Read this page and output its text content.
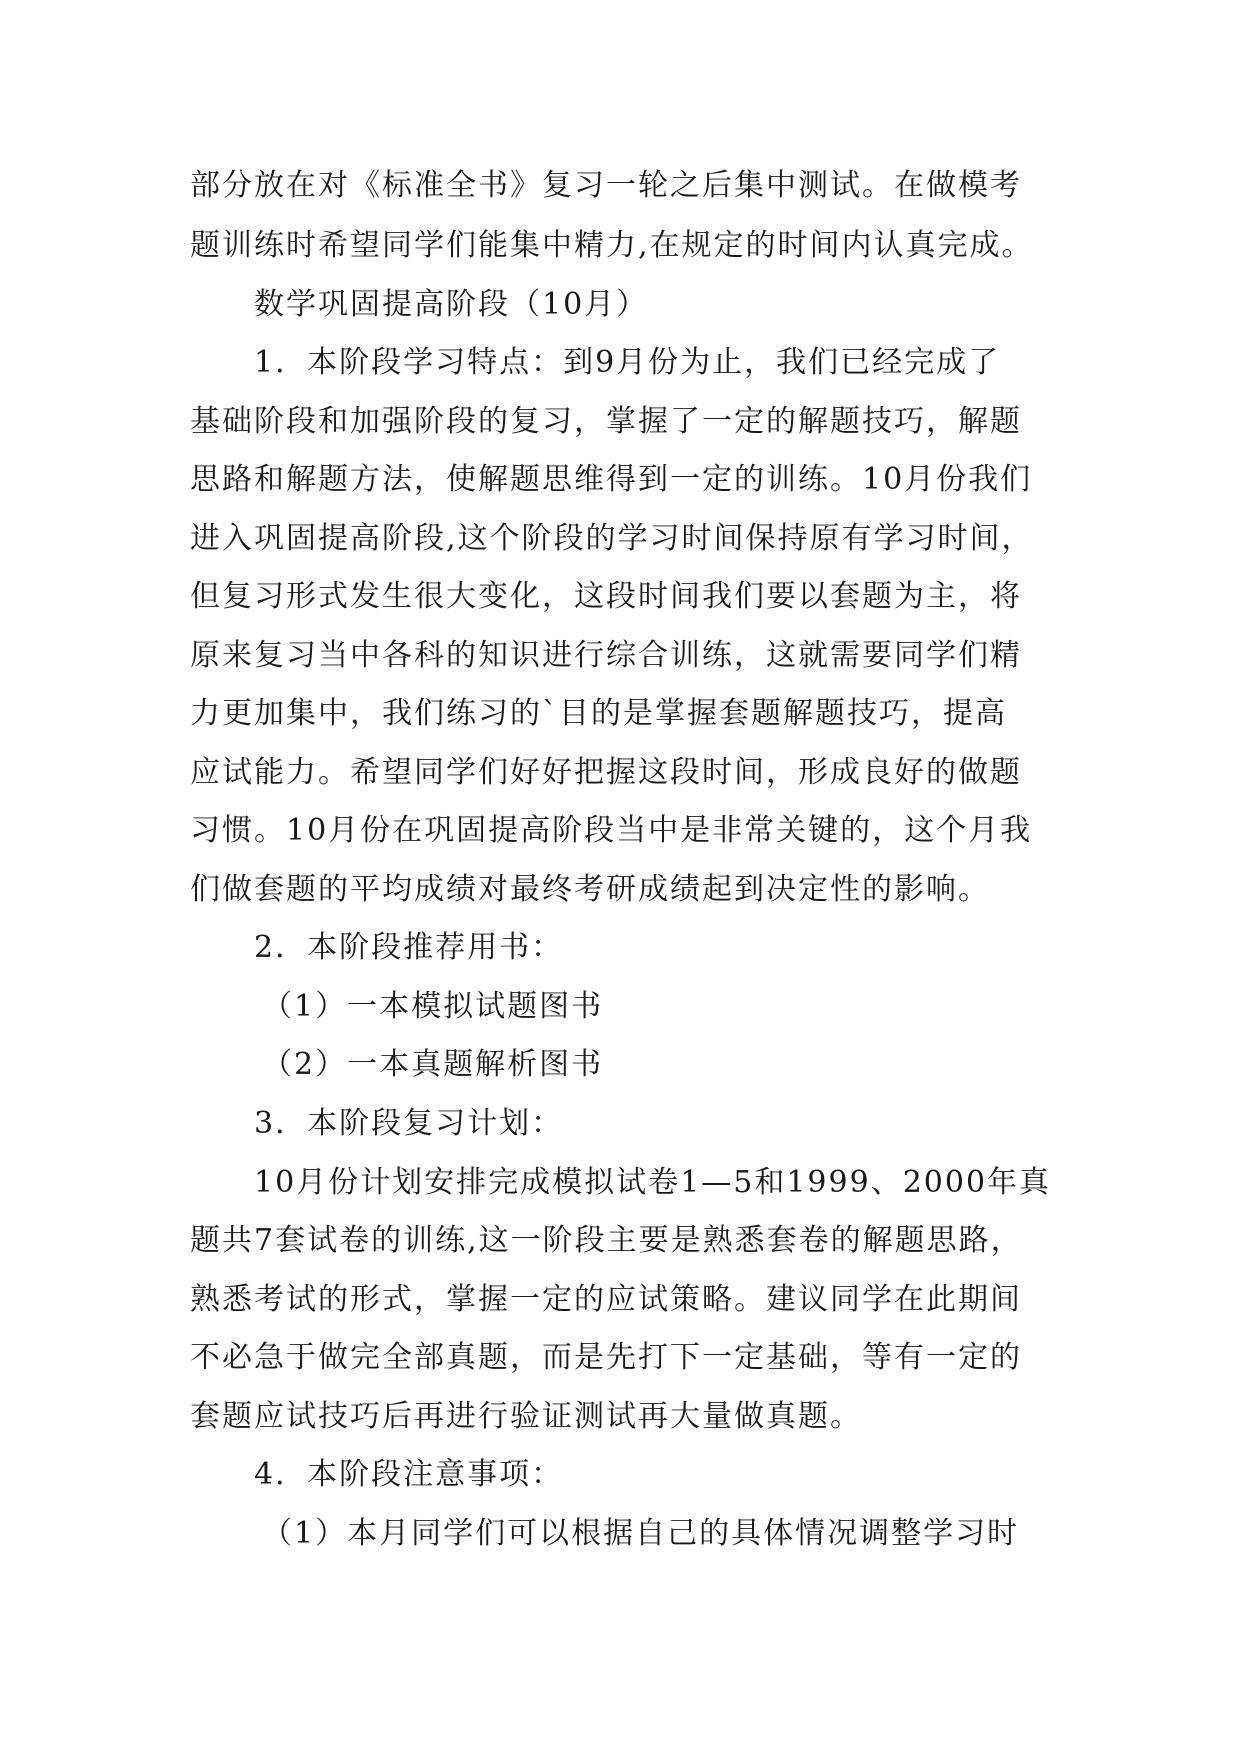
部分放在对《标准全书》复习一轮之后集中测试。在做模考
题训练时希望同学们能集中精力,在规定的时间内认真完成。
数学巩固提高阶段（10月）
1．本阶段学习特点：到9月份为止，我们已经完成了
基础阶段和加强阶段的复习，掌握了一定的解题技巧，解题
思路和解题方法，使解题思维得到一定的训练。10月份我们
进入巩固提高阶段,这个阶段的学习时间保持原有学习时间，
但复习形式发生很大变化，这段时间我们要以套题为主，将
原来复习当中各科的知识进行综合训练，这就需要同学们精
力更加集中，我们练习的`目的是掌握套题解题技巧，提高
应试能力。希望同学们好好把握这段时间，形成良好的做题
习惯。10月份在巩固提高阶段当中是非常关键的，这个月我
们做套题的平均成绩对最终考研成绩起到决定性的影响。
2．本阶段推荐用书：
（1）一本模拟试题图书
（2）一本真题解析图书
3．本阶段复习计划：
10月份计划安排完成模拟试卷1—5和1999、2000年真
题共7套试卷的训练,这一阶段主要是熟悉套卷的解题思路，
熟悉考试的形式，掌握一定的应试策略。建议同学在此期间
不必急于做完全部真题，而是先打下一定基础，等有一定的
套题应试技巧后再进行验证测试再大量做真题。
4．本阶段注意事项：
（1）本月同学们可以根据自己的具体情况调整学习时
